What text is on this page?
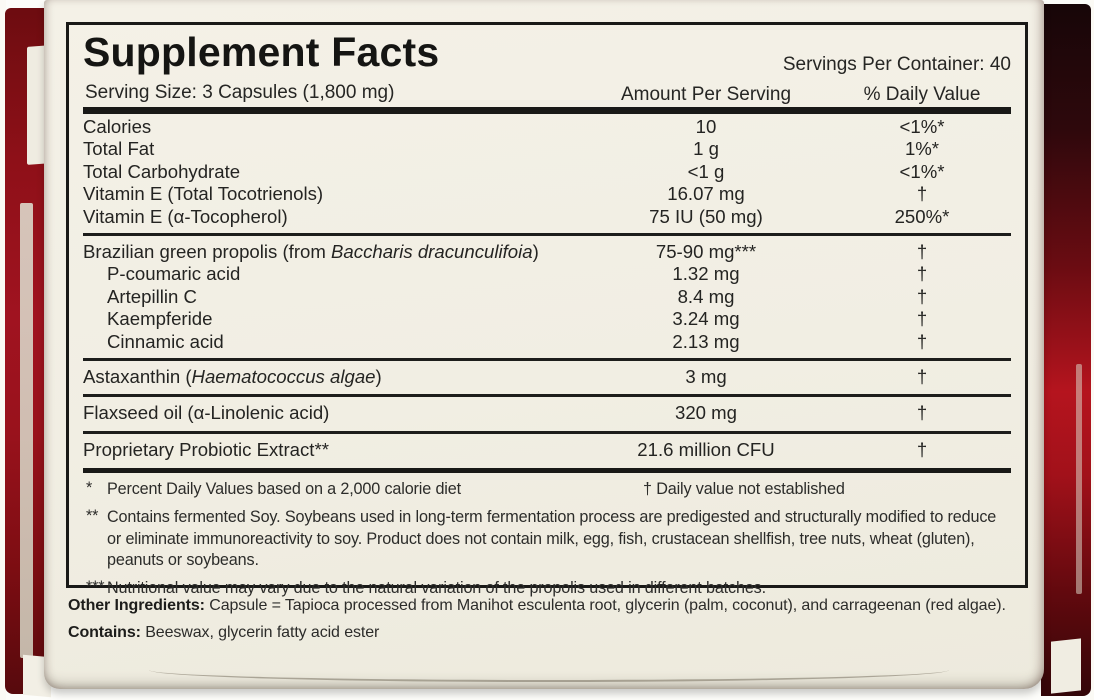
Supplement Facts
Serving Size: 3 Capsules (1,800 mg)
Servings Per Container: 40
Amount Per Serving	% Daily Value
Calories	10	<1%*
Total Fat	1 g	1%*
Total Carbohydrate	<1 g	<1%*
Vitamin E (Total Tocotrienols)	16.07 mg	†
Vitamin E (α-Tocopherol)	75 IU (50 mg)	250%*
Brazilian green propolis (from Baccharis dracunculifoia)	75-90 mg***	†
P-coumaric acid	1.32 mg	†
Artepillin C	8.4 mg	†
Kaempferide	3.24 mg	†
Cinnamic acid	2.13 mg	†
Astaxanthin (Haematococcus algae)	3 mg	†
Flaxseed oil (α-Linolenic acid)	320 mg	†
Proprietary Probiotic Extract**	21.6 million CFU	†
* Percent Daily Values based on a 2,000 calorie diet	† Daily value not established
** Contains fermented Soy. Soybeans used in long-term fermentation process are predigested and structurally modified to reduce or eliminate immunoreactivity to soy. Product does not contain milk, egg, fish, crustacean shellfish, tree nuts, wheat (gluten), peanuts or soybeans.
*** Nutritional value may vary due to the natural variation of the propolis used in different batches.
Other Ingredients: Capsule = Tapioca processed from Manihot esculenta root, glycerin (palm, coconut), and carrageenan (red algae).
Contains: Beeswax, glycerin fatty acid ester
